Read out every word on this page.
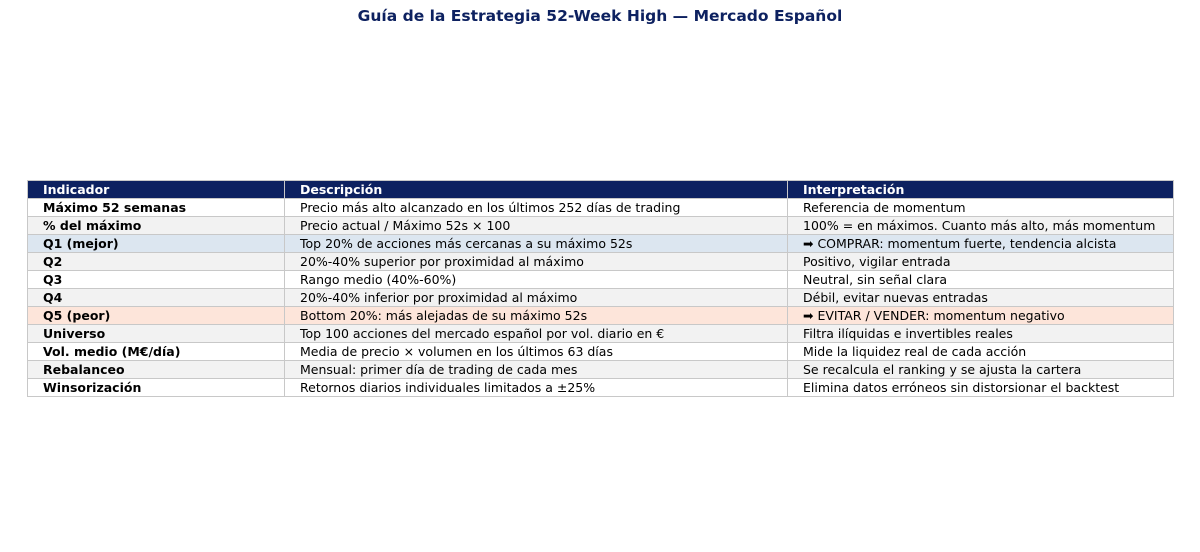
Guía de la Estrategia 52-Week High — Mercado Español
Indicador	Descripción	Interpretación
Máximo 52 semanas	Precio más alto alcanzado en los últimos 252 días de trading	Referencia de momentum
% del máximo	Precio actual / Máximo 52s × 100	100% = en máximos. Cuanto más alto, más momentum
Q1 (mejor)	Top 20% de acciones más cercanas a su máximo 52s	➡ COMPRAR: momentum fuerte, tendencia alcista
Q2	20%-40% superior por proximidad al máximo	Positivo, vigilar entrada
Q3	Rango medio (40%-60%)	Neutral, sin señal clara
Q4	20%-40% inferior por proximidad al máximo	Débil, evitar nuevas entradas
Q5 (peor)	Bottom 20%: más alejadas de su máximo 52s	➡ EVITAR / VENDER: momentum negativo
Universo	Top 100 acciones del mercado español por vol. diario en €	Filtra ilíquidas e invertibles reales
Vol. medio (M€/día)	Media de precio × volumen en los últimos 63 días	Mide la liquidez real de cada acción
Rebalanceo	Mensual: primer día de trading de cada mes	Se recalcula el ranking y se ajusta la cartera
Winsorización	Retornos diarios individuales limitados a ±25%	Elimina datos erróneos sin distorsionar el backtest
